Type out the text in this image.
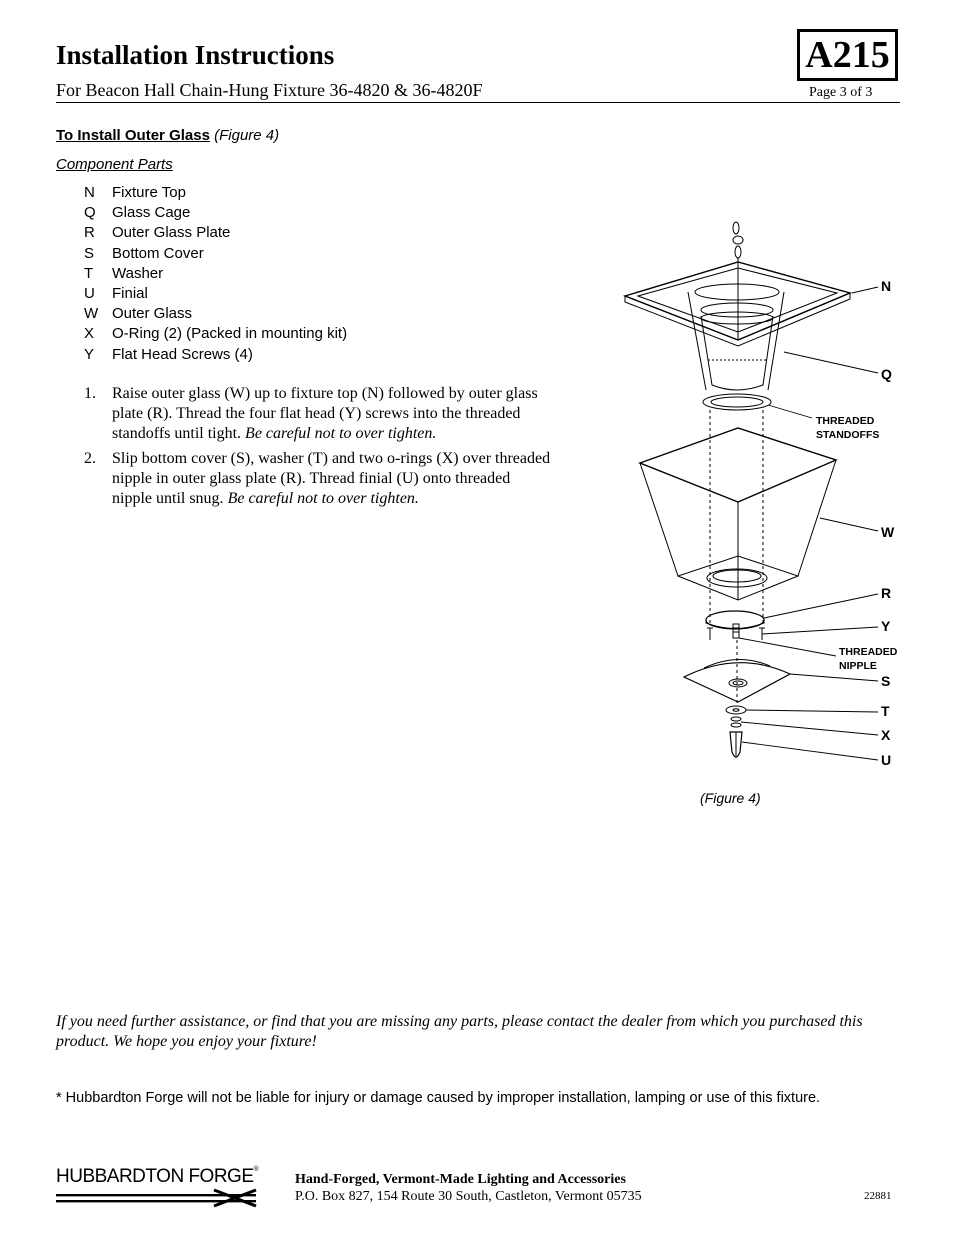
Installation Instructions
For Beacon Hall Chain-Hung Fixture 36-4820 & 36-4820F
A215
Page 3 of 3
To Install Outer Glass (Figure 4)
Component Parts
N Fixture Top
Q Glass Cage
R Outer Glass Plate
S Bottom Cover
T Washer
U Finial
W Outer Glass
X O-Ring (2) (Packed in mounting kit)
Y Flat Head Screws (4)
1.	Raise outer glass (W) up to fixture top (N) followed by outer glass plate (R). Thread the four flat head (Y) screws into the threaded standoffs until tight. Be careful not to over tighten.
2.	Slip bottom cover (S), washer (T) and two o-rings (X) over threaded nipple in outer glass plate (R). Thread finial (U) onto threaded nipple until snug. Be careful not to over tighten.
N
Q
THREADED
STANDOFFS
W
R
Y
THREADED
NIPPLE
S
T
X
U
(Figure 4)
If you need further assistance, or find that you are missing any parts, please contact the dealer from which you purchased this product. We hope you enjoy your fixture!
* Hubbardton Forge will not be liable for injury or damage caused by improper installation, lamping or use of this fixture.
HUBBARDTON FORGE®
Hand-Forged, Vermont-Made Lighting and Accessories
P.O. Box 827, 154 Route 30 South, Castleton, Vermont 05735	22881
